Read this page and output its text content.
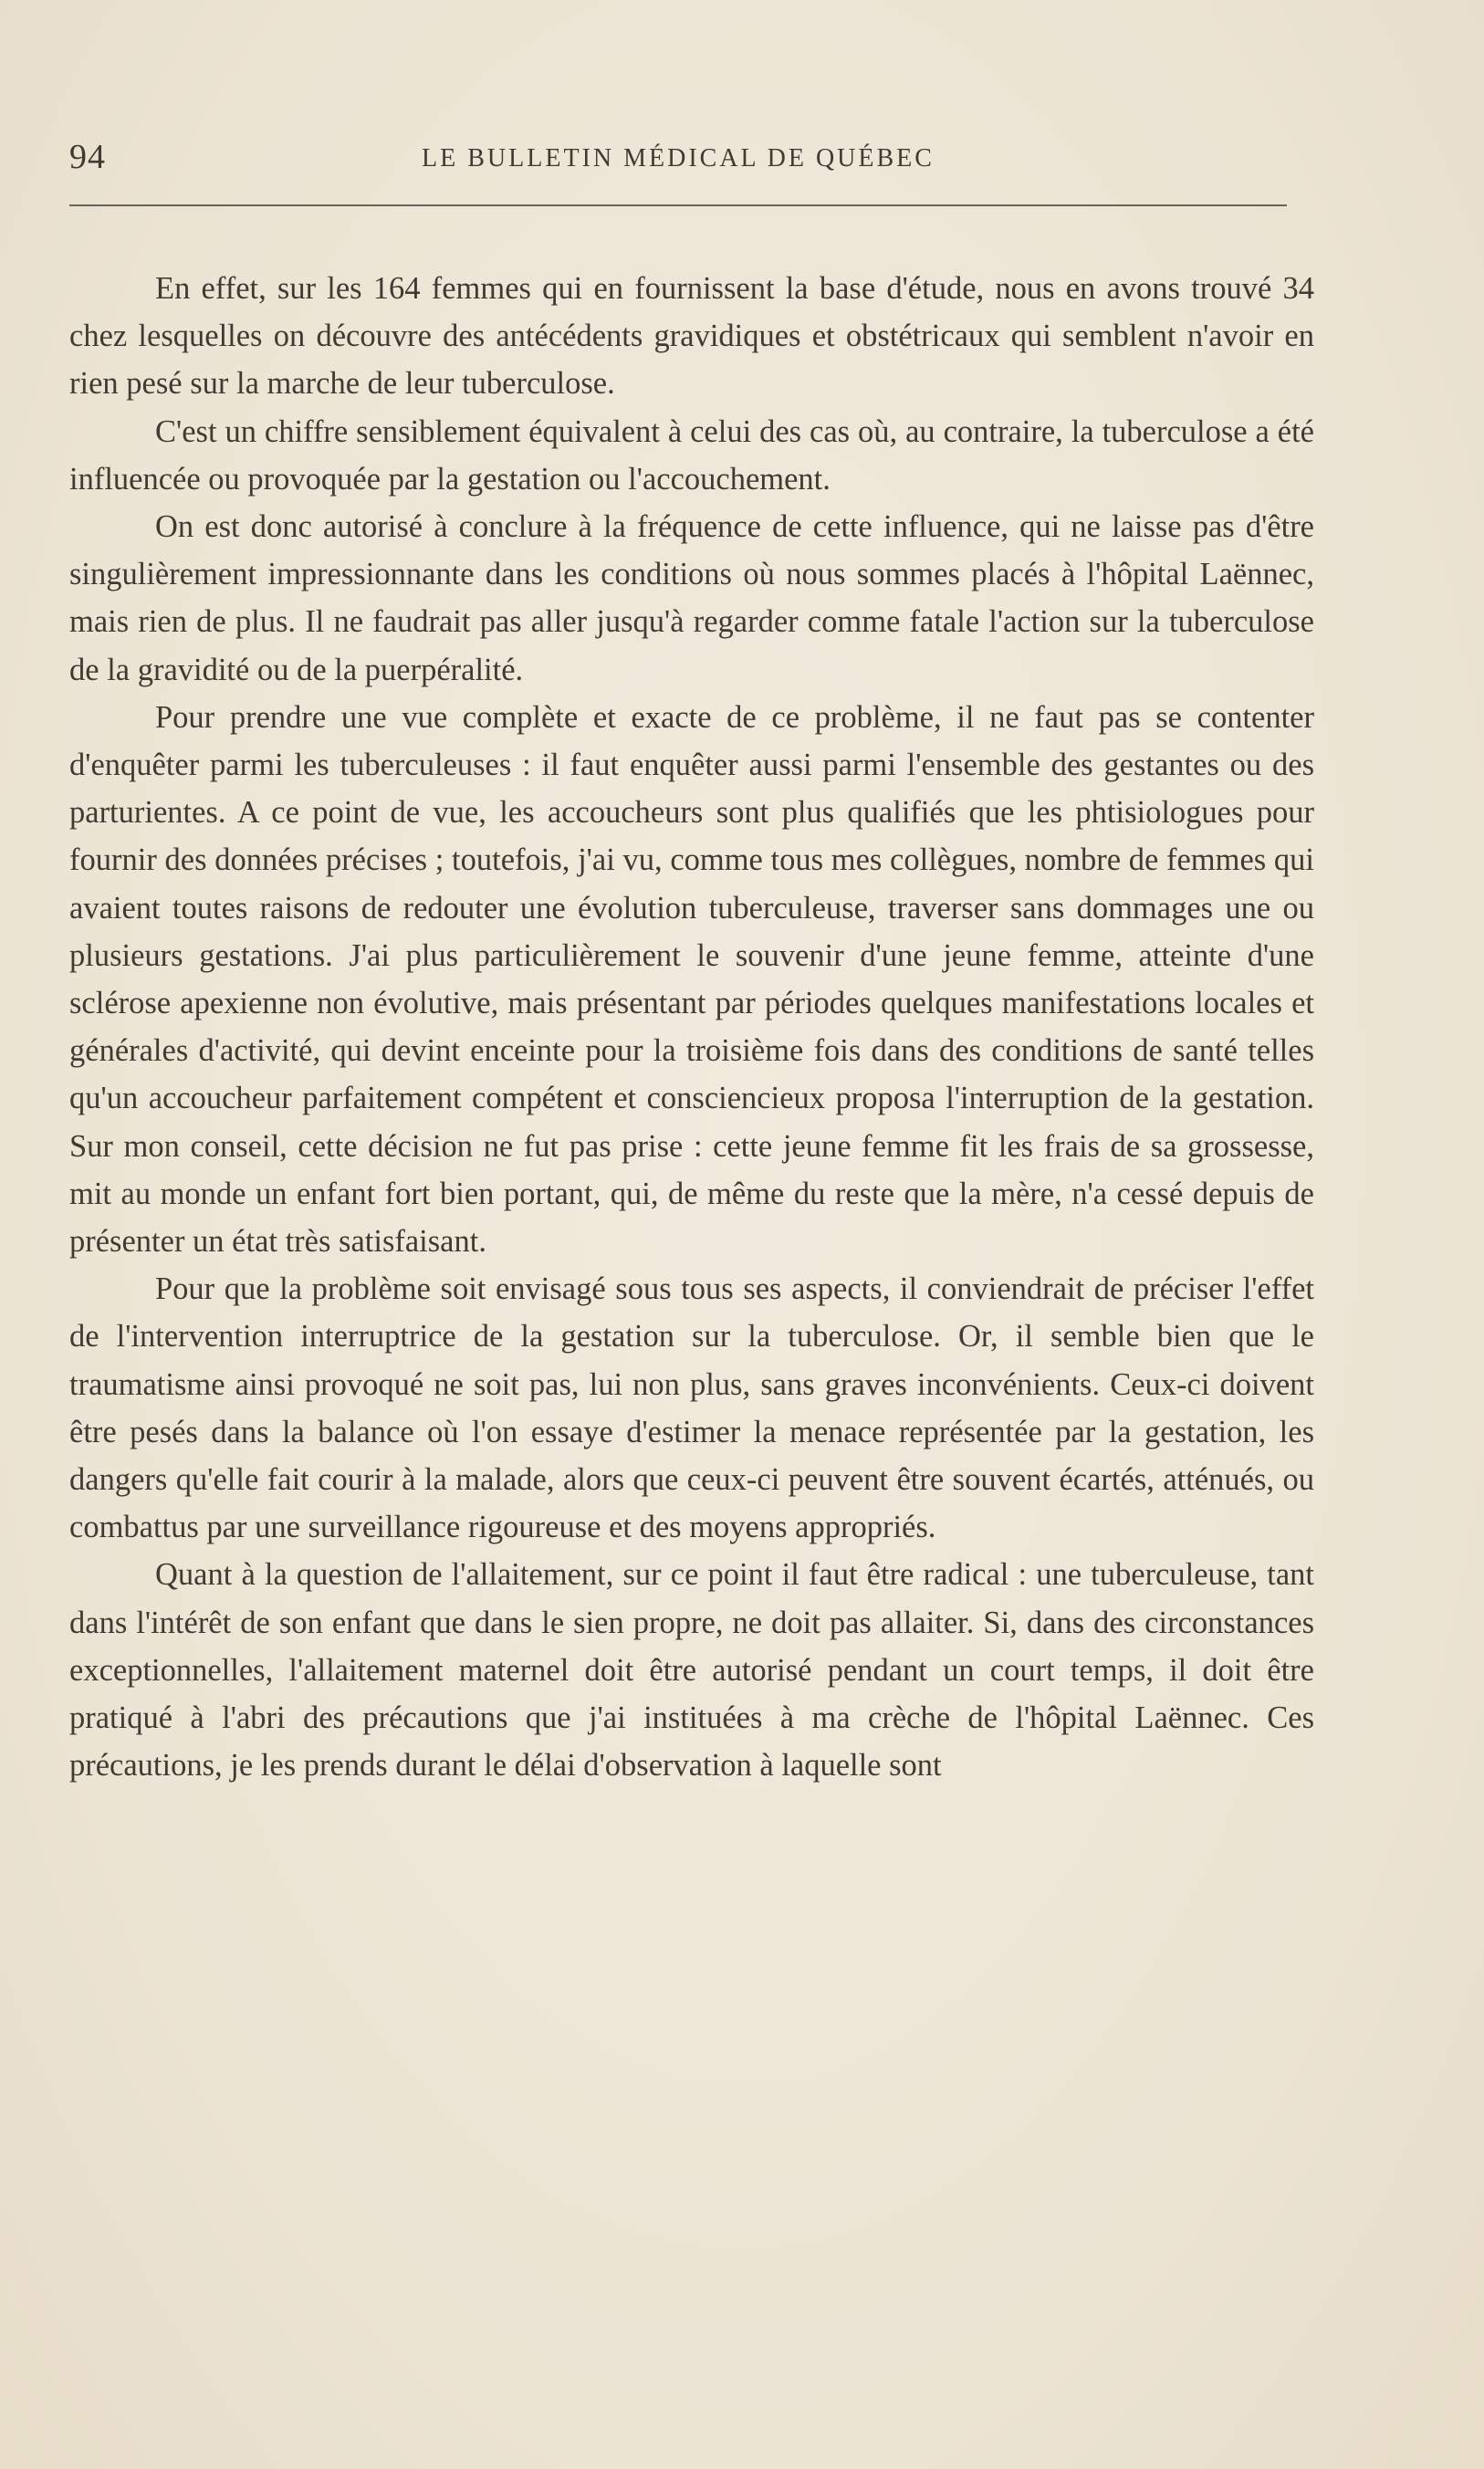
94	LE BULLETIN MÉDICAL DE QUÉBEC

En effet, sur les 164 femmes qui en fournissent la base d'étude, nous en avons trouvé 34 chez lesquelles on découvre des antécédents gravidiques et obstétricaux qui semblent n'avoir en rien pesé sur la marche de leur tuberculose.

C'est un chiffre sensiblement équivalent à celui des cas où, au contraire, la tuberculose a été influencée ou provoquée par la gestation ou l'accouchement.

On est donc autorisé à conclure à la fréquence de cette influence, qui ne laisse pas d'être singulièrement impressionnante dans les conditions où nous sommes placés à l'hôpital Laënnec, mais rien de plus. Il ne faudrait pas aller jusqu'à regarder comme fatale l'action sur la tuberculose de la gravidité ou de la puerpéralité.

Pour prendre une vue complète et exacte de ce problème, il ne faut pas se contenter d'enquêter parmi les tuberculeuses : il faut enquêter aussi parmi l'ensemble des gestantes ou des parturientes. A ce point de vue, les accoucheurs sont plus qualifiés que les phtisiologues pour fournir des données précises ; toutefois, j'ai vu, comme tous mes collègues, nombre de femmes qui avaient toutes raisons de redouter une évolution tuberculeuse, traverser sans dommages une ou plusieurs gestations. J'ai plus particulièrement le souvenir d'une jeune femme, atteinte d'une sclérose apexienne non évolutive, mais présentant par périodes quelques manifestations locales et générales d'activité, qui devint enceinte pour la troisième fois dans des conditions de santé telles qu'un accoucheur parfaitement compétent et consciencieux proposa l'interruption de la gestation. Sur mon conseil, cette décision ne fut pas prise : cette jeune femme fit les frais de sa grossesse, mit au monde un enfant fort bien portant, qui, de même du reste que la mère, n'a cessé depuis de présenter un état très satisfaisant.

Pour que la problème soit envisagé sous tous ses aspects, il conviendrait de préciser l'effet de l'intervention interruptrice de la gestation sur la tuberculose. Or, il semble bien que le traumatisme ainsi provoqué ne soit pas, lui non plus, sans graves inconvénients. Ceux-ci doivent être pesés dans la balance où l'on essaye d'estimer la menace représentée par la gestation, les dangers qu'elle fait courir à la malade, alors que ceux-ci peuvent être souvent écartés, atténués, ou combattus par une surveillance rigoureuse et des moyens appropriés.

Quant à la question de l'allaitement, sur ce point il faut être radical : une tuberculeuse, tant dans l'intérêt de son enfant que dans le sien propre, ne doit pas allaiter. Si, dans des circonstances exceptionnelles, l'allaitement maternel doit être autorisé pendant un court temps, il doit être pratiqué à l'abri des précautions que j'ai instituées à ma crèche de l'hôpital Laënnec. Ces précautions, je les prends durant le délai d'observation à laquelle sont
